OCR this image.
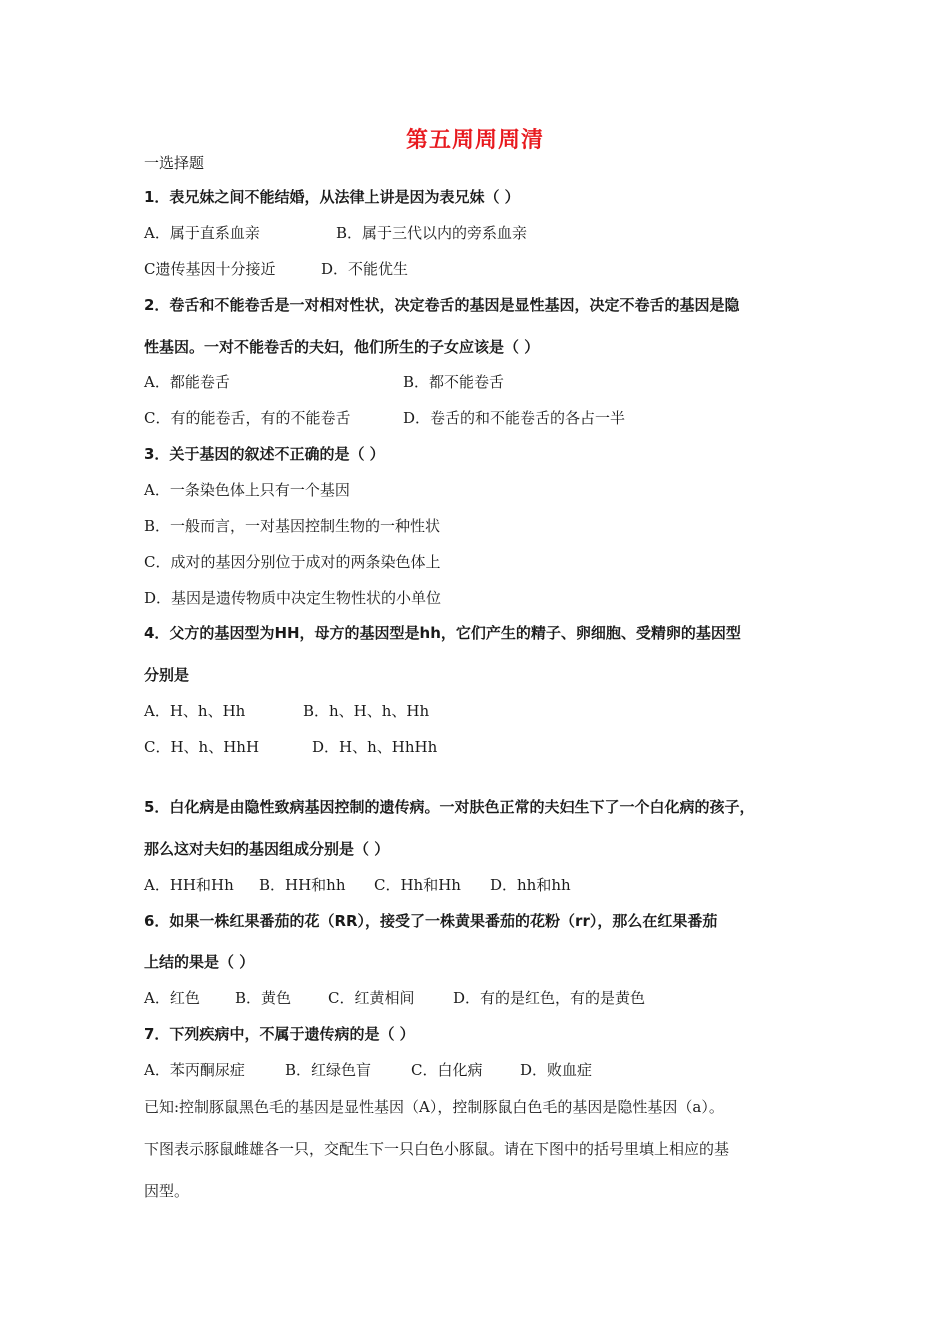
第五周周周清
一选择题
1．表兄妹之间不能结婚，从法律上讲是因为表兄妹（ ）
A．属于直系血亲	B．属于三代以内的旁系血亲
C遗传基因十分接近	D．不能优生
2．卷舌和不能卷舌是一对相对性状，决定卷舌的基因是显性基因，决定不卷舌的基因是隐
性基因。一对不能卷舌的夫妇，他们所生的子女应该是（ ）
A．都能卷舌	B．都不能卷舌
C．有的能卷舌，有的不能卷舌	D．卷舌的和不能卷舌的各占一半
3．关于基因的叙述不正确的是（ ）
A．一条染色体上只有一个基因
B．一般而言，一对基因控制生物的一种性状
C．成对的基因分别位于成对的两条染色体上
D．基因是遗传物质中决定生物性状的小单位
4．父方的基因型为HH，母方的基因型是hh，它们产生的精子、卵细胞、受精卵的基因型
分别是
A．H、h、Hh	B．h、H、h、Hh
C．H、h、HhH	D．H、h、HhHh
5．白化病是由隐性致病基因控制的遗传病。一对肤色正常的夫妇生下了一个白化病的孩子，
那么这对夫妇的基因组成分别是（ ）
A．HH和Hh B．HH和hh C．Hh和Hh D．hh和hh
6．如果一株红果番茄的花（RR），接受了一株黄果番茄的花粉（rr），那么在红果番茄
上结的果是（ ）
A．红色 B．黄色 C．红黄相间	D．有的是红色，有的是黄色
7．下列疾病中，不属于遗传病的是（ ）
A．苯丙酮尿症	B．红绿色盲	C．白化病	D．败血症
已知:控制豚鼠黑色毛的基因是显性基因（A），控制豚鼠白色毛的基因是隐性基因（a）。
下图表示豚鼠雌雄各一只，交配生下一只白色小豚鼠。请在下图中的括号里填上相应的基
因型。
